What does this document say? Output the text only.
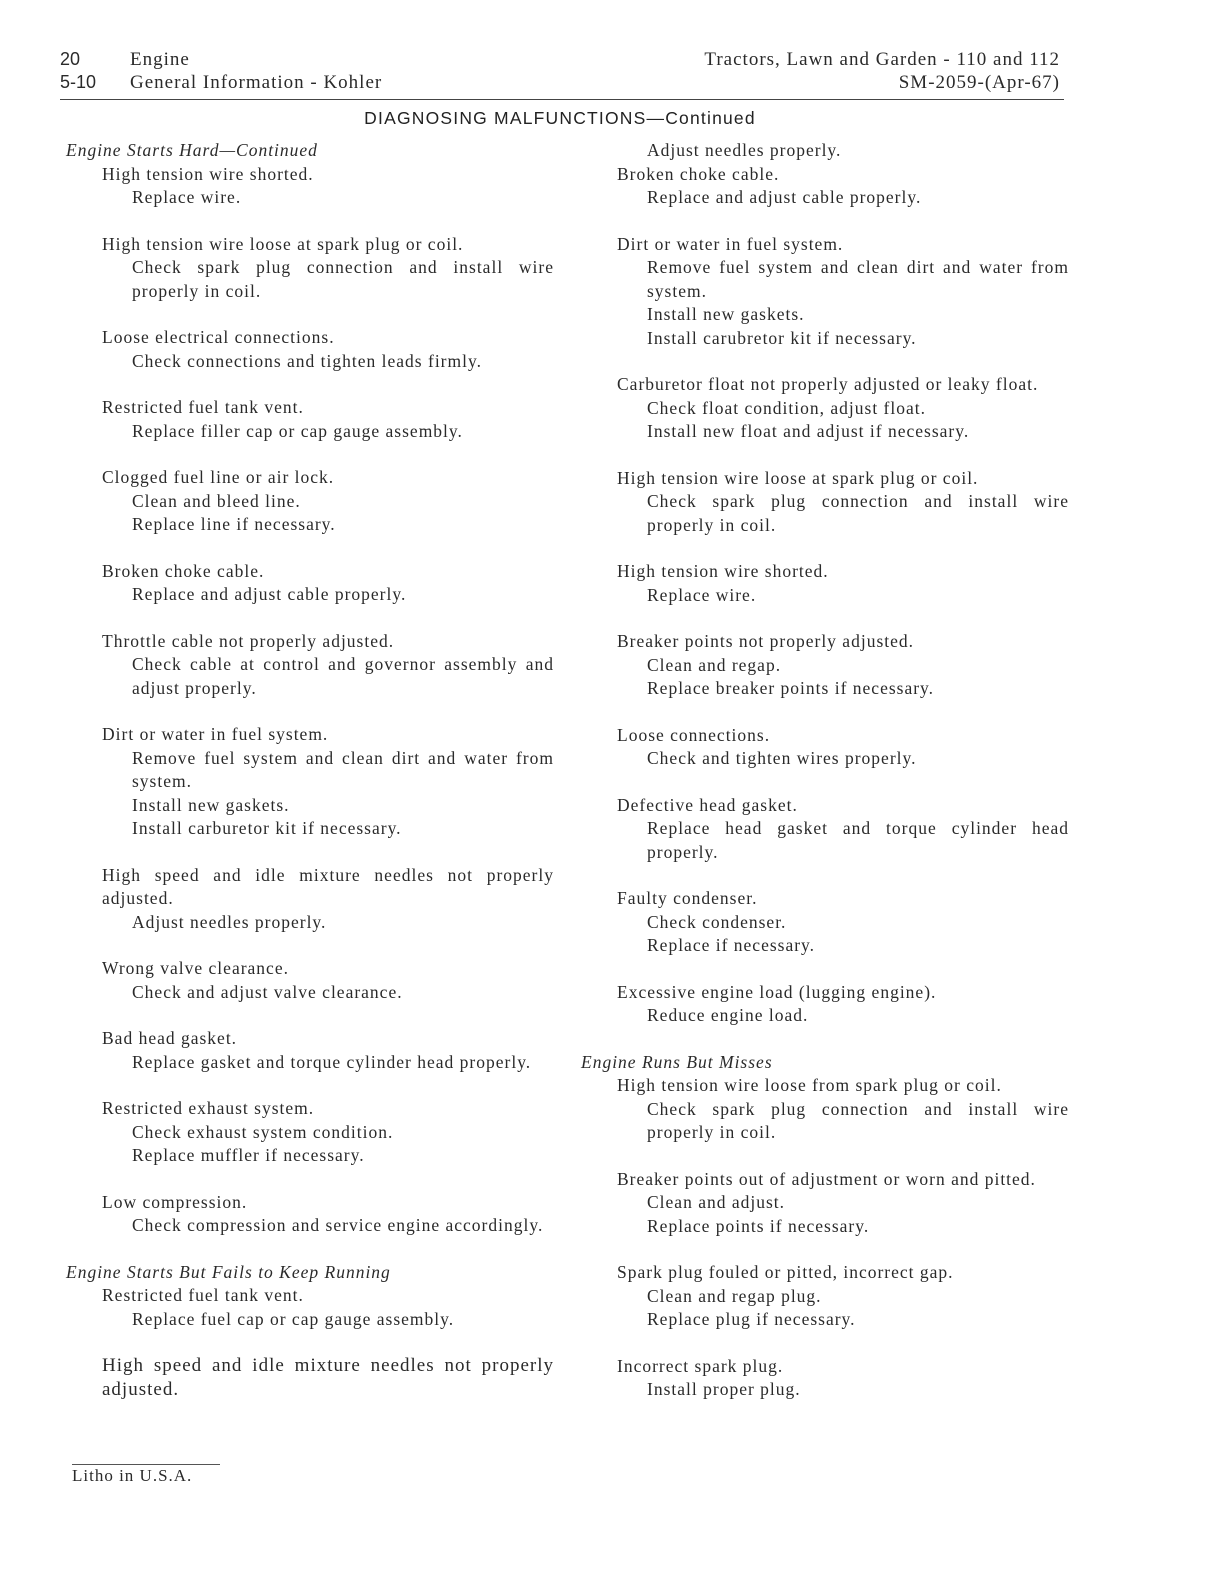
20	Engine
5-10 General Information - Kohler
Tractors, Lawn and Garden - 110 and 112
SM-2059-(Apr-67)
DIAGNOSING MALFUNCTIONS—Continued
Engine Starts Hard—Continued
High tension wire shorted.
Replace wire.
High tension wire loose at spark plug or coil.
Check spark plug connection and install wire properly in coil.
Loose electrical connections.
Check connections and tighten leads firmly.
Restricted fuel tank vent.
Replace filler cap or cap gauge assembly.
Clogged fuel line or air lock.
Clean and bleed line.
Replace line if necessary.
Broken choke cable.
Replace and adjust cable properly.
Throttle cable not properly adjusted.
Check cable at control and governor assembly and adjust properly.
Dirt or water in fuel system.
Remove fuel system and clean dirt and water from system.
Install new gaskets.
Install carburetor kit if necessary.
High speed and idle mixture needles not properly adjusted.
Adjust needles properly.
Wrong valve clearance.
Check and adjust valve clearance.
Bad head gasket.
Replace gasket and torque cylinder head properly.
Restricted exhaust system.
Check exhaust system condition.
Replace muffler if necessary.
Low compression.
Check compression and service engine accordingly.
Engine Starts But Fails to Keep Running
Restricted fuel tank vent.
Replace fuel cap or cap gauge assembly.
High speed and idle mixture needles not properly adjusted.
Adjust needles properly.
Broken choke cable.
Replace and adjust cable properly.
Dirt or water in fuel system.
Remove fuel system and clean dirt and water from system.
Install new gaskets.
Install carubretor kit if necessary.
Carburetor float not properly adjusted or leaky float.
Check float condition, adjust float.
Install new float and adjust if necessary.
High tension wire loose at spark plug or coil.
Check spark plug connection and install wire properly in coil.
High tension wire shorted.
Replace wire.
Breaker points not properly adjusted.
Clean and regap.
Replace breaker points if necessary.
Loose connections.
Check and tighten wires properly.
Defective head gasket.
Replace head gasket and torque cylinder head properly.
Faulty condenser.
Check condenser.
Replace if necessary.
Excessive engine load (lugging engine).
Reduce engine load.
Engine Runs But Misses
High tension wire loose from spark plug or coil.
Check spark plug connection and install wire properly in coil.
Breaker points out of adjustment or worn and pitted.
Clean and adjust.
Replace points if necessary.
Spark plug fouled or pitted, incorrect gap.
Clean and regap plug.
Replace plug if necessary.
Incorrect spark plug.
Install proper plug.
Litho in U.S.A.
